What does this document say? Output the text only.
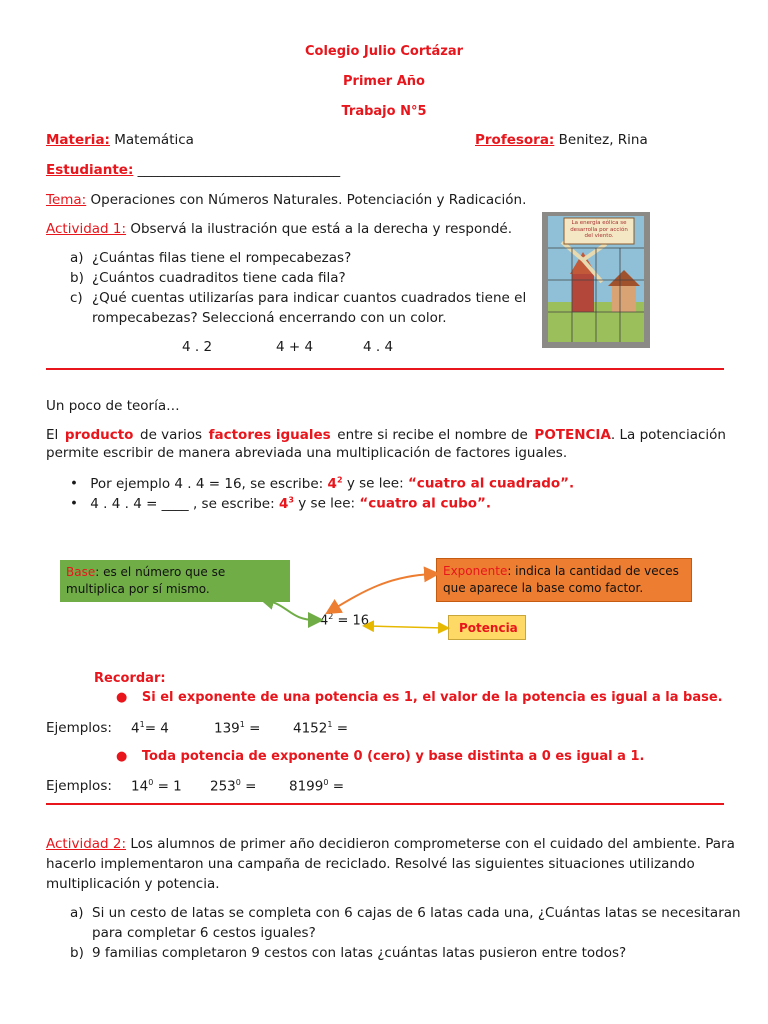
Colegio Julio Cortázar
Primer Año
Trabajo N°5
Materia: Matemática	Profesora: Benitez, Rina
Estudiante: ______________________________
Tema: Operaciones con Números Naturales. Potenciación y Radicación.
Actividad 1: Observá la ilustración que está a la derecha y respondé.
a) ¿Cuántas filas tiene el rompecabezas?
b) ¿Cuántos cuadraditos tiene cada fila?
c) ¿Qué cuentas utilizarías para indicar cuantos cuadrados tiene el
rompecabezas? Seleccioná encerrando con un color.
4 . 2	4 + 4	4 . 4
La energía eólica se desarrolla por acción del viento.
Un poco de teoría…
El producto de varios factores iguales entre si recibe el nombre de POTENCIA. La potenciación
permite escribir de manera abreviada una multiplicación de factores iguales.
• Por ejemplo 4 . 4 = 16, se escribe: $4^2$ y se lee: “cuatro al cuadrado”.
• 4 . 4 . 4 = ____ , se escribe: $4^3$ y se lee: “cuatro al cubo”.
Base: es el número que se multiplica por sí mismo.
Exponente: indica la cantidad de veces que aparece la base como factor.
Potencia
$4^2 = 16$
Recordar:
● Si el exponente de una potencia es 1, el valor de la potencia es igual a la base.
Ejemplos: $4^1= 4$	$139^1 = 4152^1$ =
● Toda potencia de exponente 0 (cero) y base distinta a 0 es igual a 1.
Ejemplos: $14^0 = 1$ $253^0 = 8199^0$ =
Actividad 2: Los alumnos de primer año decidieron comprometerse con el cuidado del ambiente. Para
hacerlo implementaron una campaña de reciclado. Resolvé las siguientes situaciones utilizando
multiplicación y potencia.
a) Si un cesto de latas se completa con 6 cajas de 6 latas cada una, ¿Cuántas latas se necesitaran
para completar 6 cestos iguales?
b) 9 familias completaron 9 cestos con latas ¿cuántas latas pusieron entre todos?
